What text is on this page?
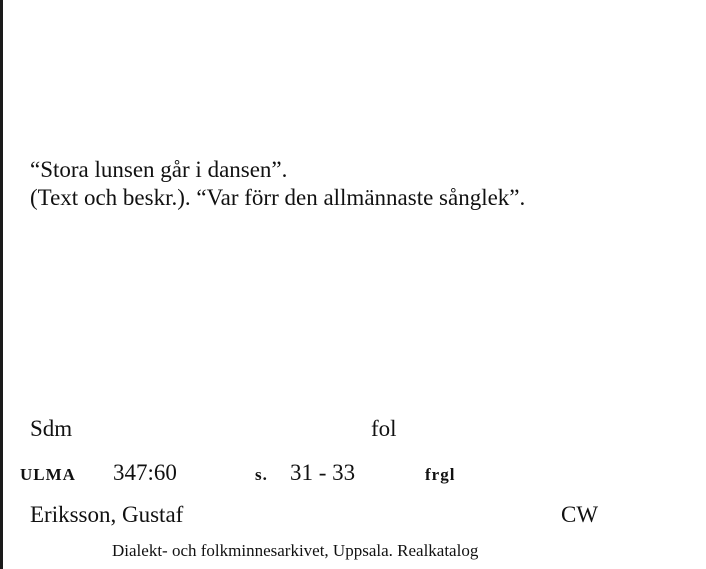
“Stora lunsen går i dansen”.
(Text och beskr.). “Var förr den allmännaste sånglek”.
Sdm	fol
ULMA 347:60	s. 31 - 33	frgl
Eriksson, Gustaf	CW
Dialekt- och folkminnesarkivet, Uppsala. Realkatalog
